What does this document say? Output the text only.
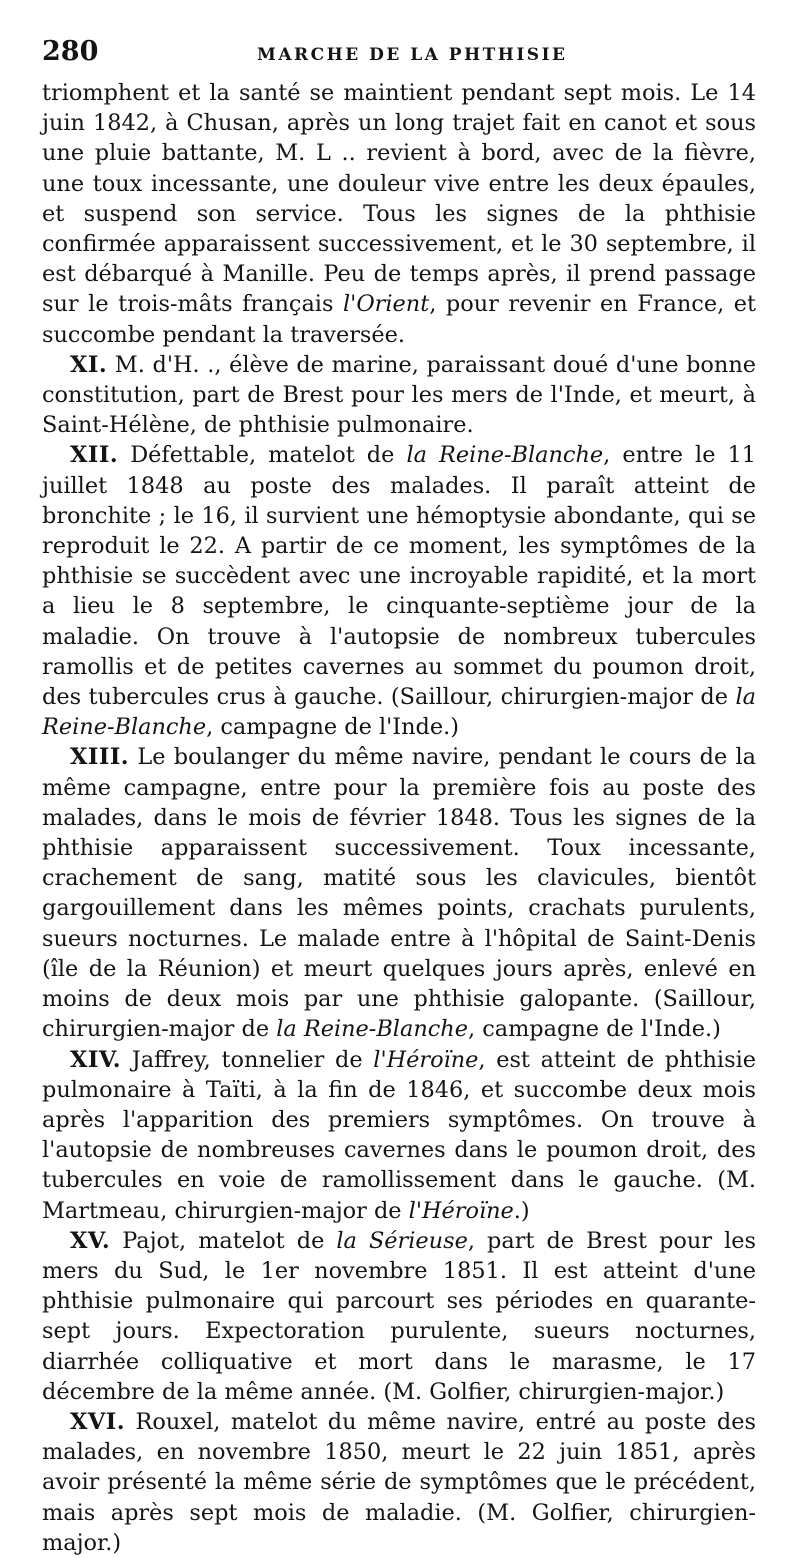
280	MARCHE DE LA PHTHISIE

triomphent et la santé se maintient pendant sept mois. Le 14 juin 1842, à Chusan, après un long trajet fait en canot et sous une pluie battante, M. L .. revient à bord, avec de la fièvre, une toux incessante, une douleur vive entre les deux épaules, et suspend son service. Tous les signes de la phthisie confirmée apparaissent successivement, et le 30 septembre, il est débarqué à Manille. Peu de temps après, il prend passage sur le trois-mâts français l'Orient, pour revenir en France, et succombe pendant la traversée.

XI. M. d'H. ., élève de marine, paraissant doué d'une bonne constitution, part de Brest pour les mers de l'Inde, et meurt, à Saint-Hélène, de phthisie pulmonaire.

XII. Défettable, matelot de la Reine-Blanche, entre le 11 juillet 1848 au poste des malades. Il paraît atteint de bronchite ; le 16, il survient une hémoptysie abondante, qui se reproduit le 22. A partir de ce moment, les symptômes de la phthisie se succèdent avec une incroyable rapidité, et la mort a lieu le 8 septembre, le cinquante-septième jour de la maladie. On trouve à l'autopsie de nombreux tubercules ramollis et de petites cavernes au sommet du poumon droit, des tubercules crus à gauche. (Saillour, chirurgien-major de la Reine-Blanche, campagne de l'Inde.)

XIII. Le boulanger du même navire, pendant le cours de la même campagne, entre pour la première fois au poste des malades, dans le mois de février 1848. Tous les signes de la phthisie apparaissent successivement. Toux incessante, crachement de sang, matité sous les clavicules, bientôt gargouillement dans les mêmes points, crachats purulents, sueurs nocturnes. Le malade entre à l'hôpital de Saint-Denis (île de la Réunion) et meurt quelques jours après, enlevé en moins de deux mois par une phthisie galopante. (Saillour, chirurgien-major de la Reine-Blanche, campagne de l'Inde.)

XIV. Jaffrey, tonnelier de l'Héroïne, est atteint de phthisie pulmonaire à Taïti, à la fin de 1846, et succombe deux mois après l'apparition des premiers symptômes. On trouve à l'autopsie de nombreuses cavernes dans le poumon droit, des tubercules en voie de ramollissement dans le gauche. (M. Martmeau, chirurgien-major de l'Héroïne.)

XV. Pajot, matelot de la Sérieuse, part de Brest pour les mers du Sud, le 1er novembre 1851. Il est atteint d'une phthisie pulmonaire qui parcourt ses périodes en quarante-sept jours. Expectoration purulente, sueurs nocturnes, diarrhée colliquative et mort dans le marasme, le 17 décembre de la même année. (M. Golfier, chirurgien-major.)

XVI. Rouxel, matelot du même navire, entré au poste des malades, en novembre 1850, meurt le 22 juin 1851, après avoir présenté la même série de symptômes que le précédent, mais après sept mois de maladie. (M. Golfier, chirurgien-major.)
